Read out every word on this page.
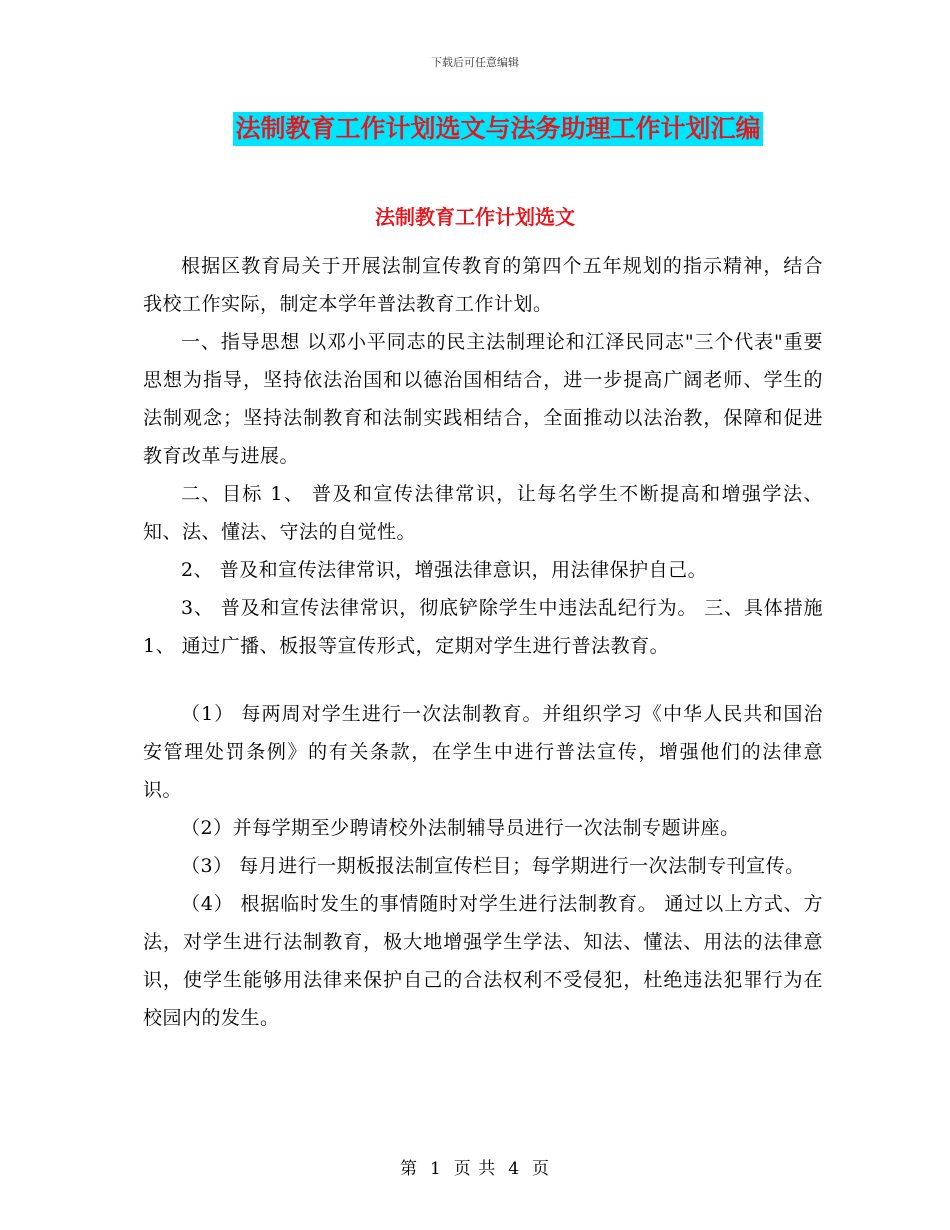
下载后可任意编辑
法制教育工作计划选文与法务助理工作计划汇编
法制教育工作计划选文

根据区教育局关于开展法制宣传教育的第四个五年规划的指示精神，结合我校工作实际，制定本学年普法教育工作计划。

一、指导思想 以邓小平同志的民主法制理论和江泽民同志"三个代表"重要思想为指导，坚持依法治国和以德治国相结合，进一步提高广阔老师、学生的法制观念；坚持法制教育和法制实践相结合，全面推动以法治教，保障和促进教育改革与进展。

二、目标 1、 普及和宣传法律常识，让每名学生不断提高和增强学法、知、法、懂法、守法的自觉性。

2、 普及和宣传法律常识，增强法律意识，用法律保护自己。

3、 普及和宣传法律常识，彻底铲除学生中违法乱纪行为。 三、具体措施 1、 通过广播、板报等宣传形式，定期对学生进行普法教育。

（1） 每两周对学生进行一次法制教育。并组织学习《中华人民共和国治安管理处罚条例》的有关条款，在学生中进行普法宣传，增强他们的法律意识。

（2）并每学期至少聘请校外法制辅导员进行一次法制专题讲座。

（3） 每月进行一期板报法制宣传栏目；每学期进行一次法制专刊宣传。

（4） 根据临时发生的事情随时对学生进行法制教育。 通过以上方式、方法，对学生进行法制教育，极大地增强学生学法、知法、懂法、用法的法律意识，使学生能够用法律来保护自己的合法权利不受侵犯，杜绝违法犯罪行为在校园内的发生。

第 1 页 共 4 页
